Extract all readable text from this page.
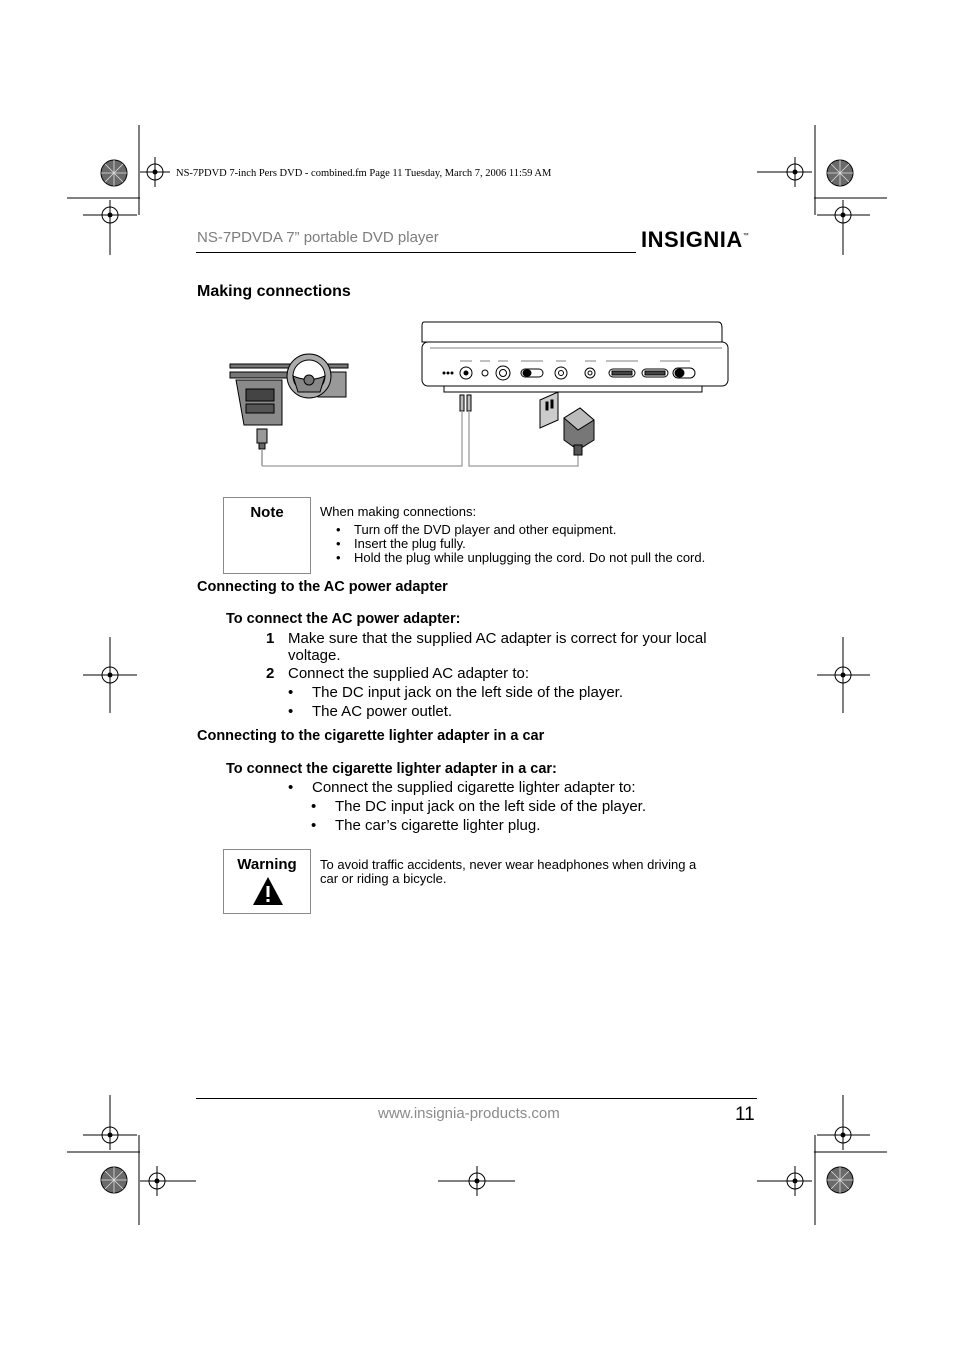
NS-7PDVD 7-inch Pers DVD - combined.fm Page 11 Tuesday, March 7, 2006 11:59 AM
NS-7PDVDA 7” portable DVD player	INSIGNIA™
Making connections
Note	When making connections:
• Turn off the DVD player and other equipment.
• Insert the plug fully.
• Hold the plug while unplugging the cord. Do not pull the cord.
Connecting to the AC power adapter
To connect the AC power adapter:
1 Make sure that the supplied AC adapter is correct for your local
voltage.
2 Connect the supplied AC adapter to:
• The DC input jack on the left side of the player.
• The AC power outlet.
Connecting to the cigarette lighter adapter in a car
To connect the cigarette lighter adapter in a car:
• Connect the supplied cigarette lighter adapter to:
• The DC input jack on the left side of the player.
• The car’s cigarette lighter plug.
Warning	To avoid traffic accidents, never wear headphones when driving a
car or riding a bicycle.
www.insignia-products.com	11
